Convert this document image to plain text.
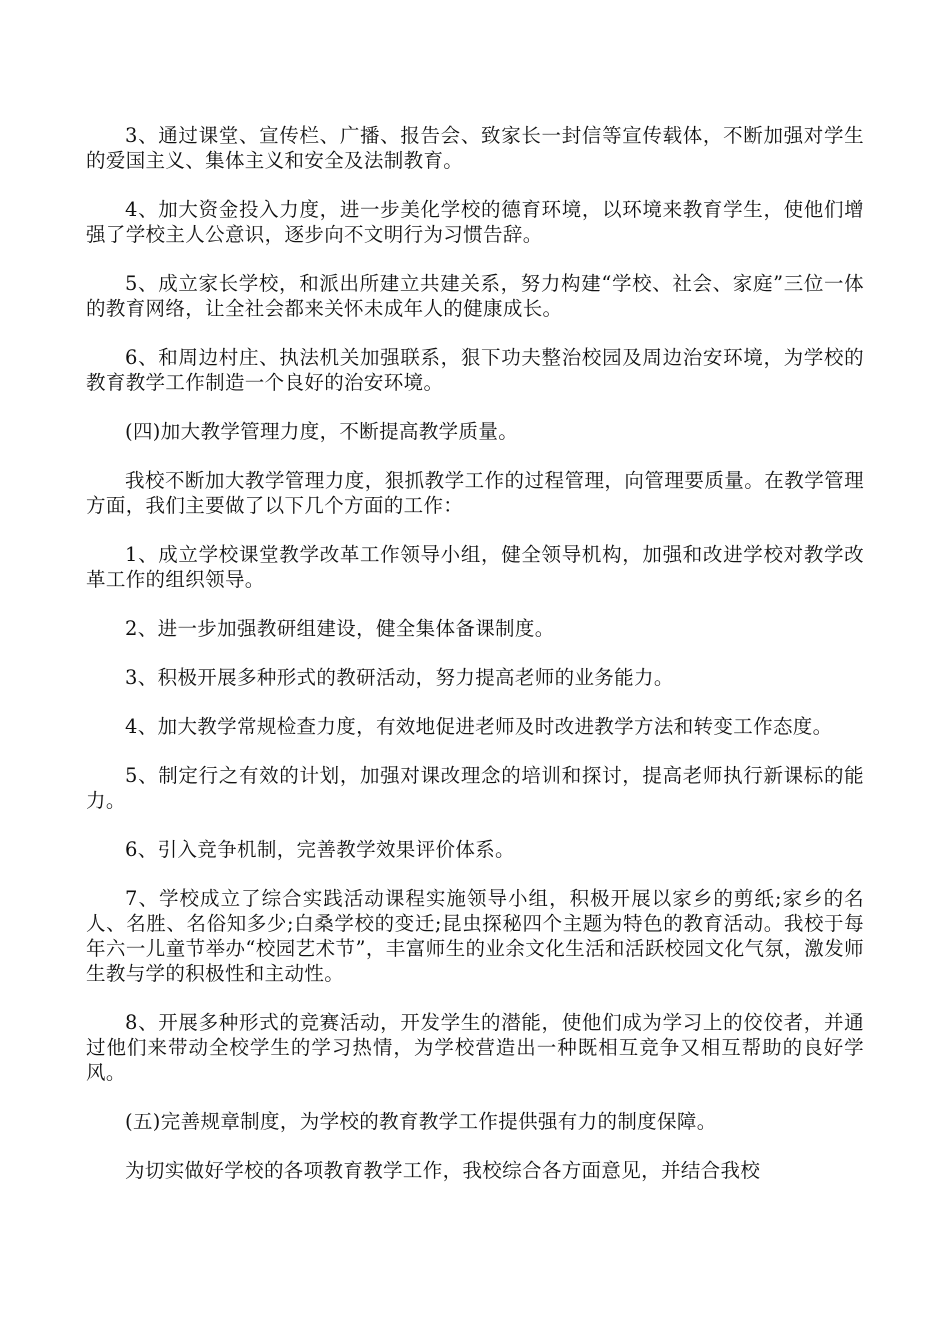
3、通过课堂、宣传栏、广播、报告会、致家长一封信等宣传载体，不断加强对学生的爱国主义、集体主义和安全及法制教育。

4、加大资金投入力度，进一步美化学校的德育环境，以环境来教育学生，使他们增强了学校主人公意识，逐步向不文明行为习惯告辞。

5、成立家长学校，和派出所建立共建关系，努力构建“学校、社会、家庭”三位一体的教育网络，让全社会都来关怀未成年人的健康成长。

6、和周边村庄、执法机关加强联系，狠下功夫整治校园及周边治安环境，为学校的教育教学工作制造一个良好的治安环境。

(四)加大教学管理力度，不断提高教学质量。

我校不断加大教学管理力度，狠抓教学工作的过程管理，向管理要质量。在教学管理方面，我们主要做了以下几个方面的工作：

1、成立学校课堂教学改革工作领导小组，健全领导机构，加强和改进学校对教学改革工作的组织领导。

2、进一步加强教研组建设，健全集体备课制度。

3、积极开展多种形式的教研活动，努力提高老师的业务能力。

4、加大教学常规检查力度，有效地促进老师及时改进教学方法和转变工作态度。

5、制定行之有效的计划，加强对课改理念的培训和探讨，提高老师执行新课标的能力。

6、引入竞争机制，完善教学效果评价体系。

7、学校成立了综合实践活动课程实施领导小组，积极开展以家乡的剪纸;家乡的名人、名胜、名俗知多少;白桑学校的变迁;昆虫探秘四个主题为特色的教育活动。我校于每年六一儿童节举办“校园艺术节”，丰富师生的业余文化生活和活跃校园文化气氛，激发师生教与学的积极性和主动性。

8、开展多种形式的竞赛活动，开发学生的潜能，使他们成为学习上的佼佼者，并通过他们来带动全校学生的学习热情，为学校营造出一种既相互竞争又相互帮助的良好学风。

(五)完善规章制度，为学校的教育教学工作提供强有力的制度保障。

为切实做好学校的各项教育教学工作，我校综合各方面意见，并结合我校
